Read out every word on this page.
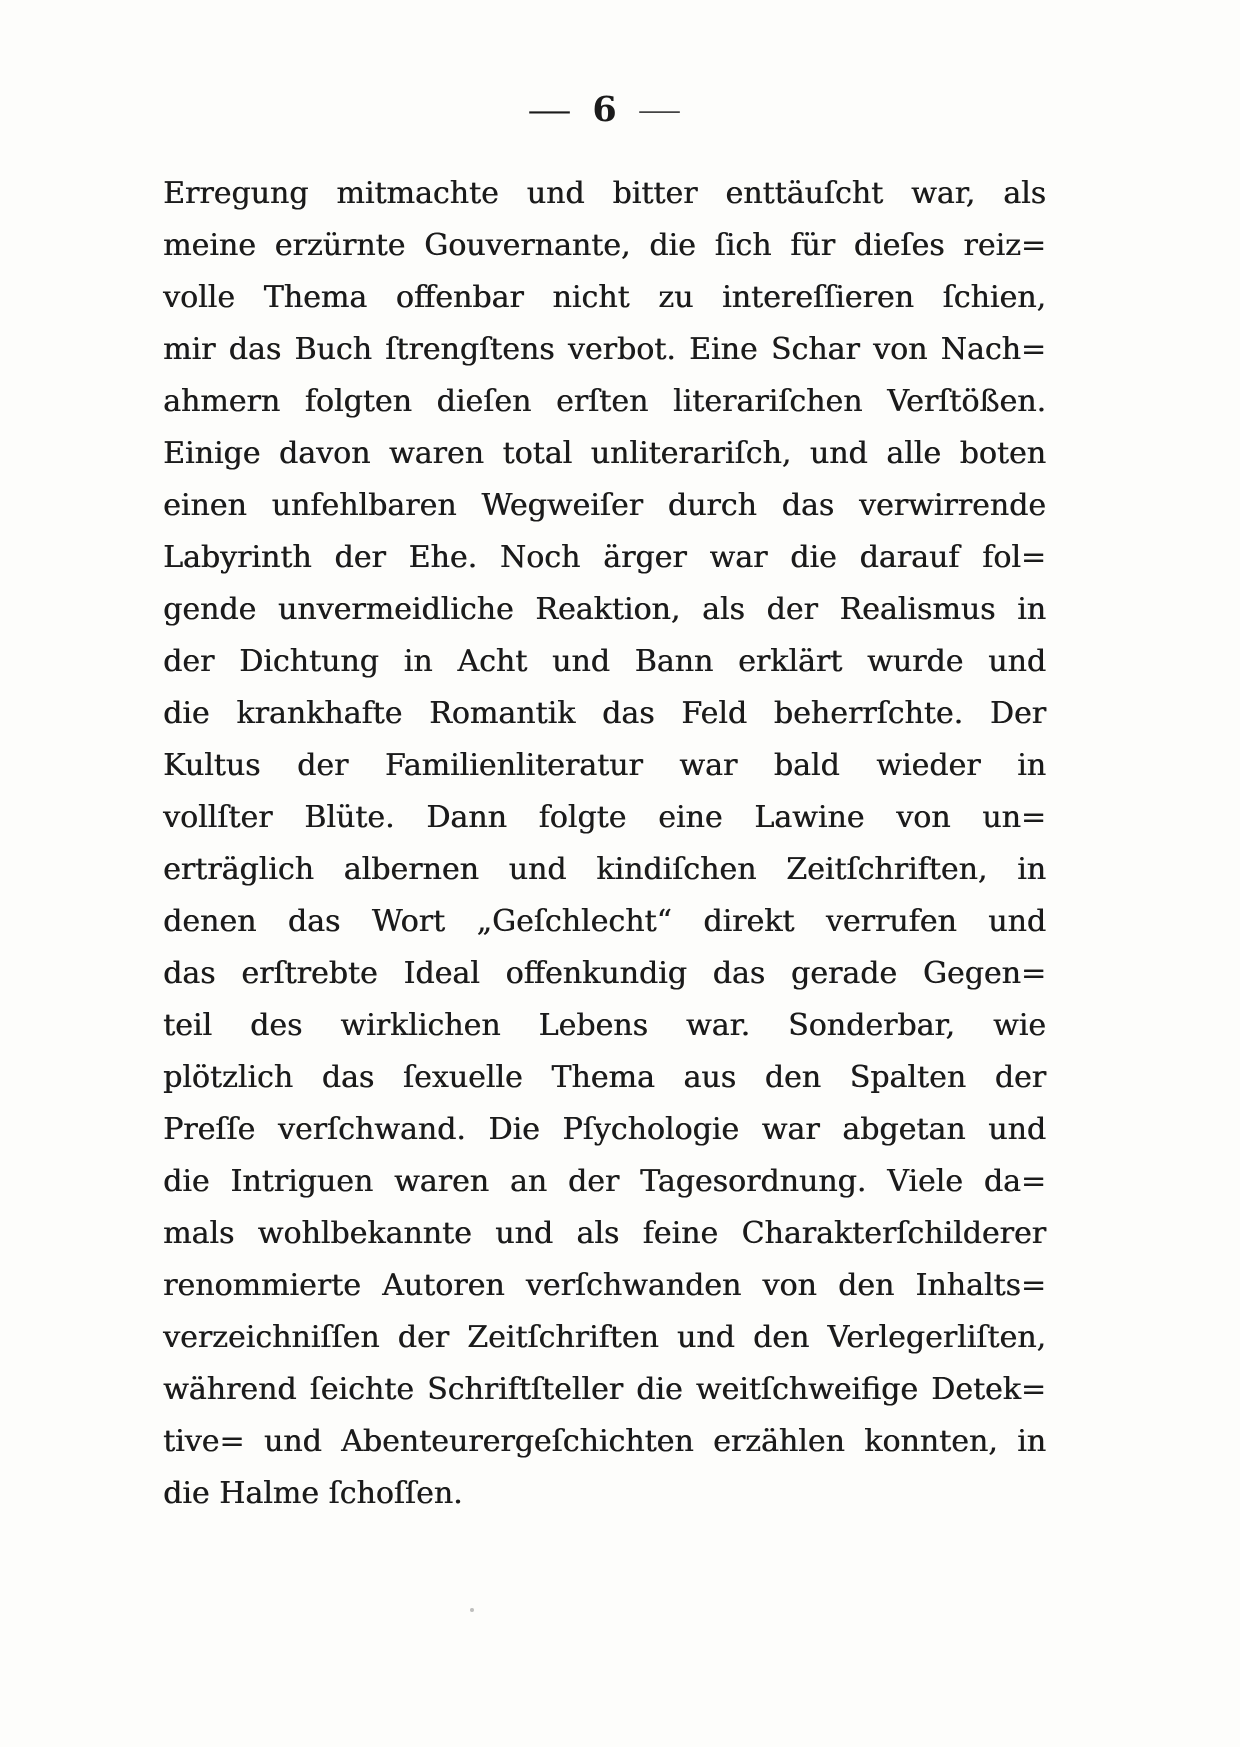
— 6 —
Erregung mitmachte und bitter enttäuſcht war, als
meine erzürnte Gouvernante, die ſich für dieſes reiz=
volle Thema offenbar nicht zu intereſſieren ſchien,
mir das Buch ſtrengſtens verbot. Eine Schar von Nach=
ahmern folgten dieſen erſten literariſchen Verſtößen.
Einige davon waren total unliterariſch, und alle boten
einen unfehlbaren Wegweiſer durch das verwirrende
Labyrinth der Ehe. Noch ärger war die darauf fol=
gende unvermeidliche Reaktion, als der Realismus in
der Dichtung in Acht und Bann erklärt wurde und
die krankhafte Romantik das Feld beherrſchte. Der
Kultus der Familienliteratur war bald wieder in
vollſter Blüte. Dann folgte eine Lawine von un=
erträglich albernen und kindiſchen Zeitſchriften, in
denen das Wort „Geſchlecht“ direkt verrufen und
das erſtrebte Ideal offenkundig das gerade Gegen=
teil des wirklichen Lebens war. Sonderbar, wie
plötzlich das ſexuelle Thema aus den Spalten der
Preſſe verſchwand. Die Pſychologie war abgetan und
die Intriguen waren an der Tagesordnung. Viele da=
mals wohlbekannte und als feine Charakterſchilderer
renommierte Autoren verſchwanden von den Inhalts=
verzeichniſſen der Zeitſchriften und den Verlegerliſten,
während ſeichte Schriftſteller die weitſchweifige Detek=
tive= und Abenteurergeſchichten erzählen konnten, in
die Halme ſchoſſen.
